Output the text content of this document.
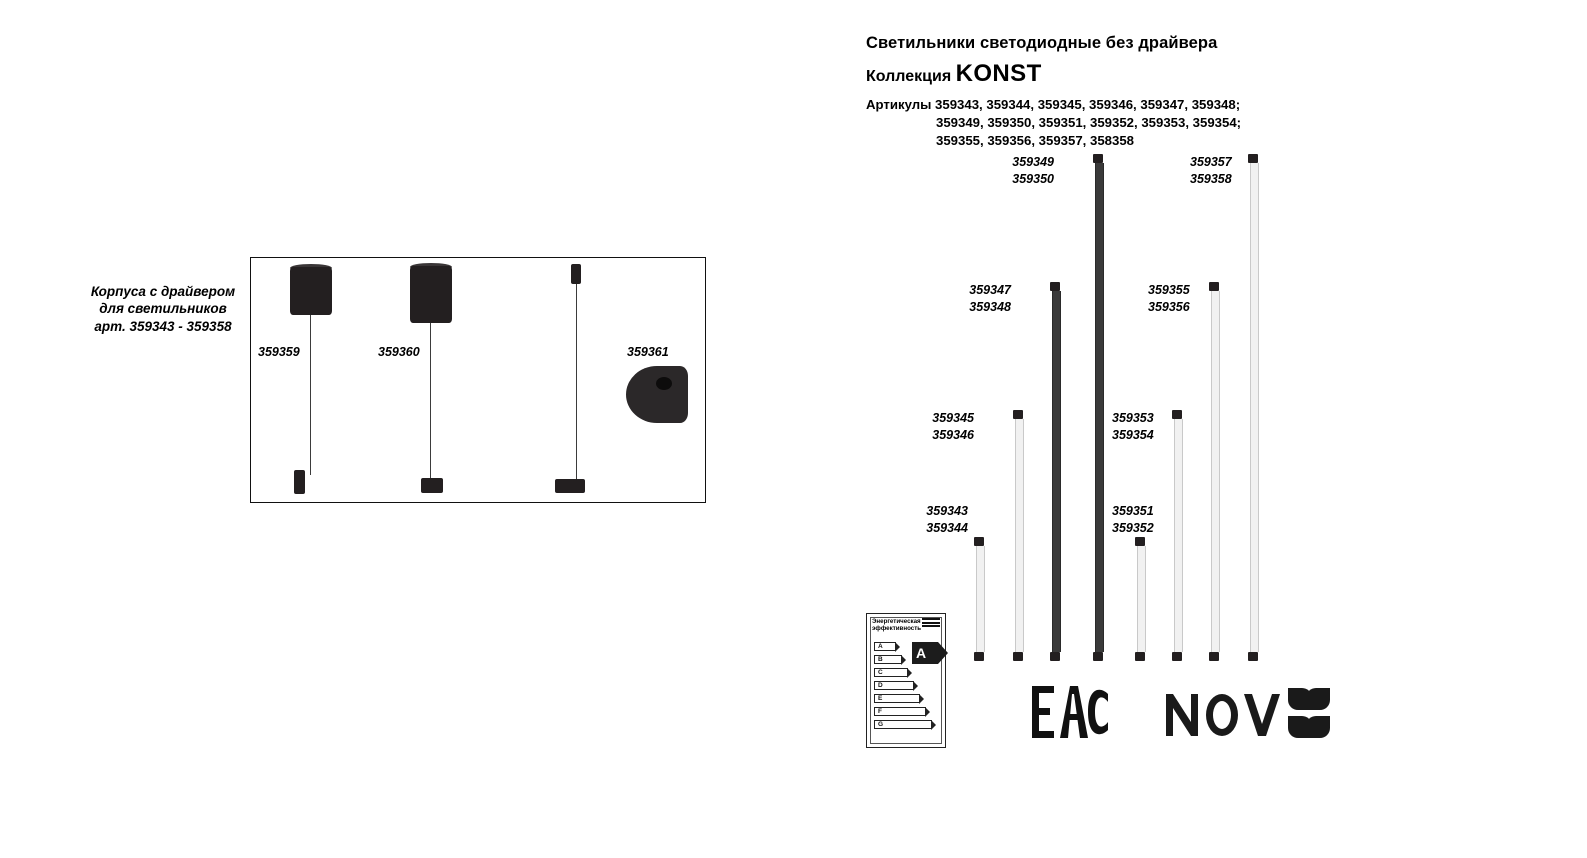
Корпуса с драйвером
для светильников
арт. 359343 - 359358
359359	359360	359361
Светильники светодиодные без драйвера
Коллекция KONST
Артикулы 359343, 359344, 359345, 359346, 359347, 359348;
359349, 359350, 359351, 359352, 359353, 359354;
359355, 359356, 359357, 358358
359343
359344
359345
359346
359347
359348
359349
359350
359351
359352
359353
359354
359355
359356
359357
359358
Энергетическая
эффективность
A
B
C
D
E
F
G
A
